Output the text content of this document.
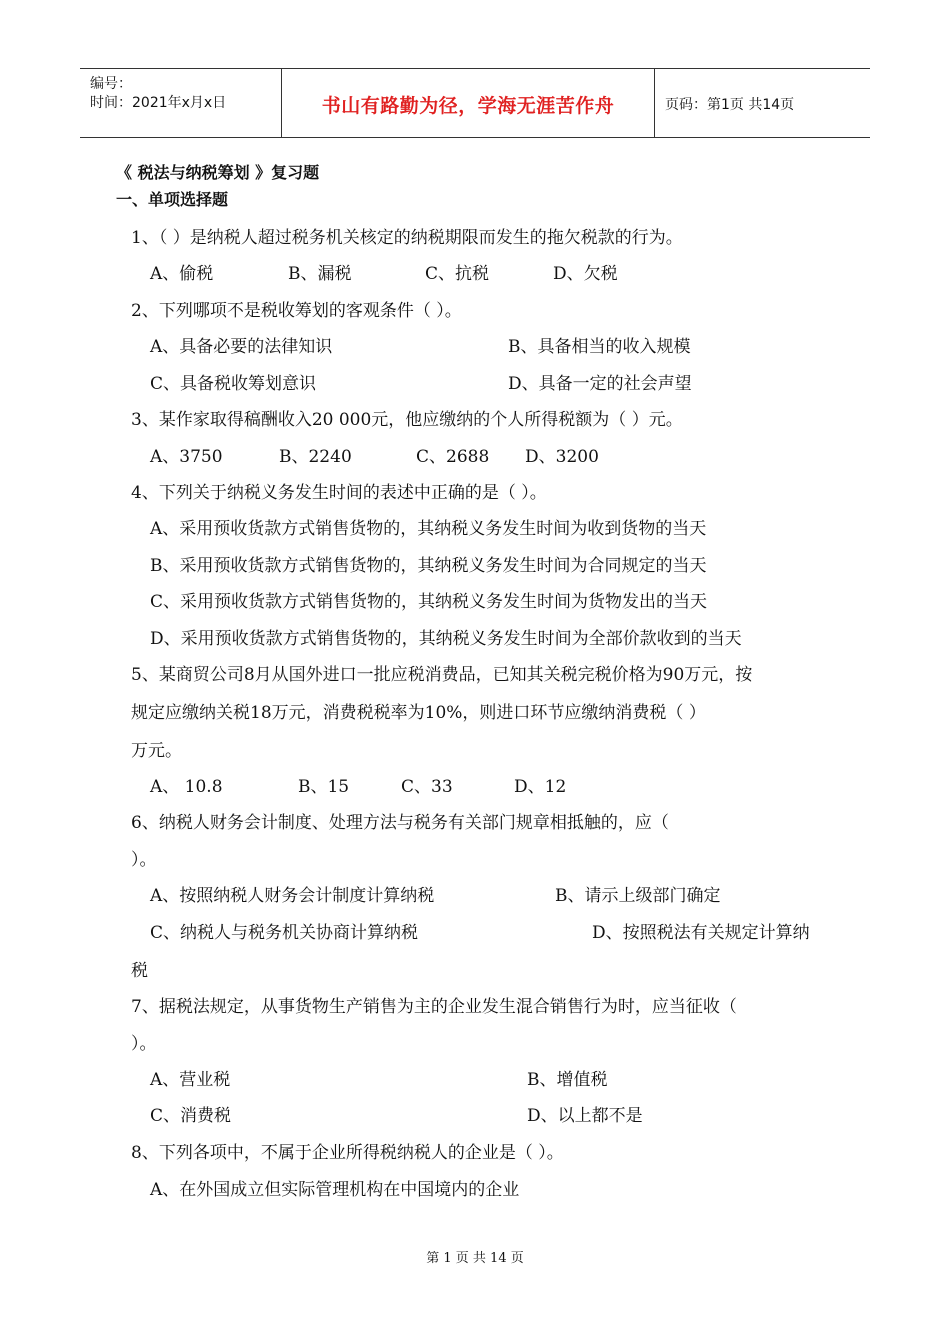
编号：
时间：2021年x月x日	书山有路勤为径，学海无涯苦作舟	页码：第1页 共14页
《 税法与纳税筹划 》复习题
一、单项选择题
1、（ ）是纳税人超过税务机关核定的纳税期限而发生的拖欠税款的行为。
A、偷税	B、漏税	C、抗税	D、欠税
2、下列哪项不是税收筹划的客观条件（ ）。
A、具备必要的法律知识	B、具备相当的收入规模
C、具备税收筹划意识	D、具备一定的社会声望
3、某作家取得稿酬收入20 000元，他应缴纳的个人所得税额为（ ）元。
A、3750	B、2240	C、2688 D、3200
4、下列关于纳税义务发生时间的表述中正确的是（ ）。
A、采用预收货款方式销售货物的，其纳税义务发生时间为收到货物的当天
B、采用预收货款方式销售货物的，其纳税义务发生时间为合同规定的当天
C、采用预收货款方式销售货物的，其纳税义务发生时间为货物发出的当天
D、采用预收货款方式销售货物的，其纳税义务发生时间为全部价款收到的当天
5、某商贸公司8月从国外进口一批应税消费品，已知其关税完税价格为90万元，按
规定应缴纳关税18万元，消费税税率为10%，则进口环节应缴纳消费税（ ）
万元。
A、 10.8	B、15	C、33	D、12
6、纳税人财务会计制度、处理方法与税务有关部门规章相抵触的，应（
）。
A、按照纳税人财务会计制度计算纳税	B、请示上级部门确定
C、纳税人与税务机关协商计算纳税	D、按照税法有关规定计算纳
税
7、据税法规定，从事货物生产销售为主的企业发生混合销售行为时，应当征收（
）。
A、营业税	B、增值税
C、消费税	D、以上都不是
8、下列各项中，不属于企业所得税纳税人的企业是（ ）。
A、在外国成立但实际管理机构在中国境内的企业
第 1 页 共 14 页
